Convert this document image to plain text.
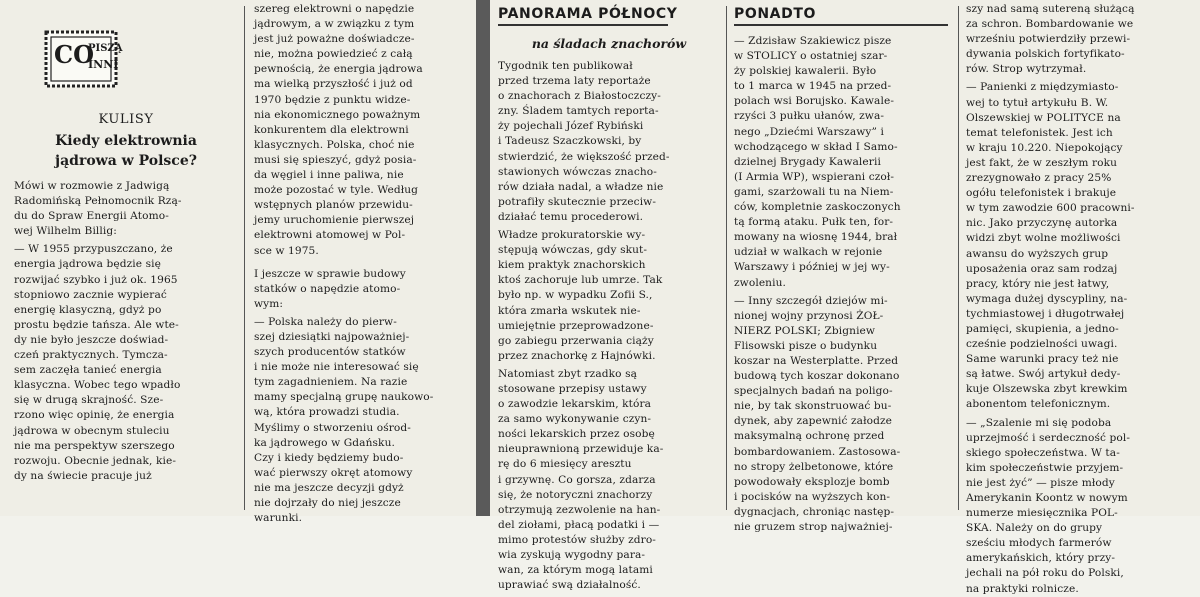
CO
PISZĄ
INNI
KULISY
Kiedy elektrownia jądrowa w Polsce?

Mówi w rozmowie z Jadwigą
Radomińską Pełnomocnik Rzą-
du do Spraw Energii Atomo-
wej Wilhelm Billig:

— W 1955 przypuszczano, że
energia jądrowa będzie się
rozwijać szybko i już ok. 1965
stopniowo zacznie wypierać
energię klasyczną, gdyż po
prostu będzie tańsza. Ale wte-
dy nie było jeszcze doświad-
czeń praktycznych. Tymcza-
sem zaczęła tanieć energia
klasyczna. Wobec tego wpadło
się w drugą skrajność. Sze-
rzono więc opinię, że energia
jądrowa w obecnym stuleciu
nie ma perspektyw szerszego
rozwoju. Obecnie jednak, kie-
dy na świecie pracuje już

szereg elektrowni o napędzie
jądrowym, a w związku z tym
jest już poważne doświadcze-
nie, można powiedzieć z całą
pewnością, że energia jądrowa
ma wielką przyszłość i już od
1970 będzie z punktu widze-
nia ekonomicznego poważnym
konkurentem dla elektrowni
klasycznych. Polska, choć nie
musi się spieszyć, gdyż posia-
da węgiel i inne paliwa, nie
może pozostać w tyle. Według
wstępnych planów przewidu-
jemy uruchomienie pierwszej
elektrowni atomowej w Pol-
sce w 1975.

I jeszcze w sprawie budowy
statków o napędzie atomo-
wym:

— Polska należy do pierw-
szej dziesiątki najpoważniej-
szych producentów statków
i nie może nie interesować się
tym zagadnieniem. Na razie
mamy specjalną grupę naukowo-
wą, która prowadzi studia.
Myślimy o stworzeniu ośrod-
ka jądrowego w Gdańsku.
Czy i kiedy będziemy budo-
wać pierwszy okręt atomowy
nie ma jeszcze decyzji gdyż
nie dojrzały do niej jeszcze
warunki.

PANORAMA PÓŁNOCY
na śladach znachorów

Tygodnik ten publikował
przed trzema laty reportaże
o znachorach z Białostoczczy-
zny. Śladem tamtych reporta-
ży pojechali Józef Rybiński
i Tadeusz Szaczkowski, by
stwierdzić, że większość przed-
stawionych wówczas znacho-
rów działa nadal, a władze nie
potrafiły skutecznie przeciw-
działać temu procederowi.

Władze prokuratorskie wy-
stępują wówczas, gdy skut-
kiem praktyk znachorskich
ktoś zachoruje lub umrze. Tak
było np. w wypadku Zofii S.,
która zmarła wskutek nie-
umiejętnie przeprowadzone-
go zabiegu przerwania ciąży
przez znachorkę z Hajnówki.

Natomiast zbyt rzadko są
stosowane przepisy ustawy
o zawodzie lekarskim, która
za samo wykonywanie czyn-
ności lekarskich przez osobę
nieuprawnioną przewiduje ka-
rę do 6 miesięcy aresztu
i grzywnę. Co gorsza, zdarza
się, że notoryczni znachorzy
otrzymują zezwolenie na han-
del ziołami, płacą podatki i —
mimo protestów służby zdro-
wia zyskują wygodny para-
wan, za którym mogą latami
uprawiać swą działalność.

PONADTO

— Zdzisław Szakiewicz pisze
w STOLICY o ostatniej szar-
ży polskiej kawalerii. Było
to 1 marca w 1945 na przed-
polach wsi Borujsko. Kawale-
rzyści 3 pułku ułanów, zwa-
nego „Dziećmi Warszawy” i
wchodzącego w skład I Samo-
dzielnej Brygady Kawalerii
(I Armia WP), wspierani czoł-
gami, szarżowali tu na Niem-
ców, kompletnie zaskoczonych
tą formą ataku. Pułk ten, for-
mowany na wiosnę 1944, brał
udział w walkach w rejonie
Warszawy i później w jej wy-
zwoleniu.

— Inny szczegół dziejów mi-
nionej wojny przynosi ŻOŁ-
NIERZ POLSKI; Zbigniew
Flisowski pisze o budynku
koszar na Westerplatte. Przed
budową tych koszar dokonano
specjalnych badań na poligo-
nie, by tak skonstruować bu-
dynek, aby zapewnić załodze
maksymalną ochronę przed
bombardowaniem. Zastosowa-
no stropy żelbetonowe, które
powodowały eksplozje bomb
i pocisków na wyższych kon-
dygnacjach, chroniąc następ-
nie gruzem strop najważniej-

szy nad samą sutereną służącą
za schron. Bombardowanie we
wrześniu potwierdziły przewi-
dywania polskich fortyfikato-
rów. Strop wytrzymał.

— Panienki z międzymiasto-
wej to tytuł artykułu B. W.
Olszewskiej w POLITYCE na
temat telefonistek. Jest ich
w kraju 10.220. Niepokojący
jest fakt, że w zeszłym roku
zrezygnowało z pracy 25%
ogółu telefonistek i brakuje
w tym zawodzie 600 pracowni-
nic. Jako przyczynę autorka
widzi zbyt wolne możliwości
awansu do wyższych grup
uposażenia oraz sam rodzaj
pracy, który nie jest łatwy,
wymaga dużej dyscypliny, na-
tychmiastowej i długotrwałej
pamięci, skupienia, a jedno-
cześnie podzielności uwagi.
Same warunki pracy też nie
są łatwe. Swój artykuł dedy-
kuje Olszewska zbyt krewkim
abonentom telefonicznym.

— „Szalenie mi się podoba
uprzejmość i serdeczność pol-
skiego społeczeństwa. W ta-
kim społeczeństwie przyjem-
nie jest żyć” — pisze młody
Amerykanin Koontz w nowym
numerze miesięcznika POL-
SKA. Należy on do grupy
sześciu młodych farmerów
amerykańskich, który przy-
jechali na pół roku do Polski,
na praktyki rolnicze.
